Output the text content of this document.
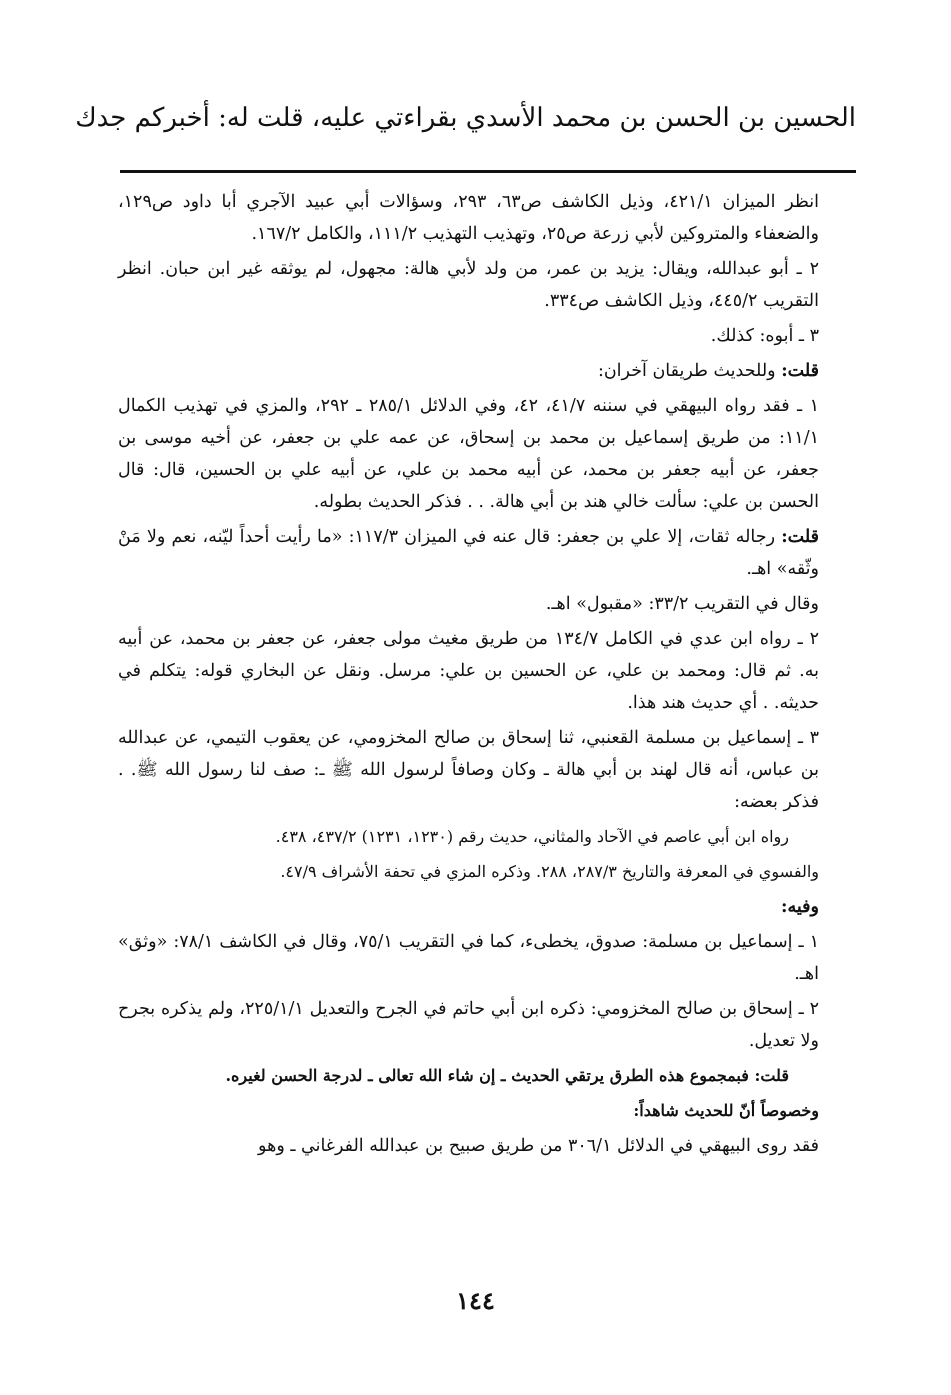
الحسين بن الحسن بن محمد الأسدي بقراءتي عليه، قلت له: أخبركم جدك

انظر الميزان ٤٢١/١، وذيل الكاشف ص٦٣، ٢٩٣، وسؤالات أبي عبيد الآجري أبا داود ص١٢٩، والضعفاء والمتروكين لأبي زرعة ص٢٥، وتهذيب التهذيب ١١١/٢، والكامل ١٦٧/٢.

٢ ـ أبو عبدالله، ويقال: يزيد بن عمر، من ولد لأبي هالة: مجهول، لم يوثقه غير ابن حبان. انظر التقريب ٤٤٥/٢، وذيل الكاشف ص٣٣٤.

٣ ـ أبوه: كذلك.

قلت: وللحديث طريقان آخران:

١ ـ فقد رواه البيهقي في سننه ٤١/٧، ٤٢، وفي الدلائل ٢٨٥/١ ـ ٢٩٢، والمزي في تهذيب الكمال ١١/١: من طريق إسماعيل بن محمد بن إسحاق، عن عمه علي بن جعفر، عن أخيه موسى بن جعفر، عن أبيه جعفر بن محمد، عن أبيه محمد بن علي، عن أبيه علي بن الحسين، قال: قال الحسن بن علي: سألت خالي هند بن أبي هالة. . . فذكر الحديث بطوله.

قلت: رجاله ثقات، إلا علي بن جعفر: قال عنه في الميزان ١١٧/٣: «ما رأيت أحداً ليّنه، نعم ولا مَنْ وثّقه» اهـ.

وقال في التقريب ٣٣/٢: «مقبول» اهـ.

٢ ـ رواه ابن عدي في الكامل ١٣٤/٧ من طريق مغيث مولى جعفر، عن جعفر بن محمد، عن أبيه به. ثم قال: ومحمد بن علي، عن الحسين بن علي: مرسل. ونقل عن البخاري قوله: يتكلم في حديثه. . أي حديث هند هذا.

٣ ـ إسماعيل بن مسلمة القعنبي، ثنا إسحاق بن صالح المخزومي، عن يعقوب التيمي، عن عبدالله بن عباس، أنه قال لهند بن أبي هالة ـ وكان وصافاً لرسول الله ﷺ ـ: صف لنا رسول الله ﷺ. . فذكر بعضه:

رواه ابن أبي عاصم في الآحاد والمثاني، حديث رقم (١٢٣٠، ١٢٣١) ٤٣٧/٢، ٤٣٨.

والفسوي في المعرفة والتاريخ ٢٨٧/٣، ٢٨٨. وذكره المزي في تحفة الأشراف ٤٧/٩.

وفيه:

١ ـ إسماعيل بن مسلمة: صدوق، يخطىء، كما في التقريب ٧٥/١، وقال في الكاشف ٧٨/١: «وثق» اهـ.

٢ ـ إسحاق بن صالح المخزومي: ذكره ابن أبي حاتم في الجرح والتعديل ٢٢٥/١/١، ولم يذكره بجرح ولا تعديل.

قلت: فبمجموع هذه الطرق يرتقي الحديث ـ إن شاء الله تعالى ـ لدرجة الحسن لغيره.

وخصوصاً أنّ للحديث شاهداً:

فقد روى البيهقي في الدلائل ٣٠٦/١ من طريق صبيح بن عبدالله الفرغاني ـ وهو

١٤٤
